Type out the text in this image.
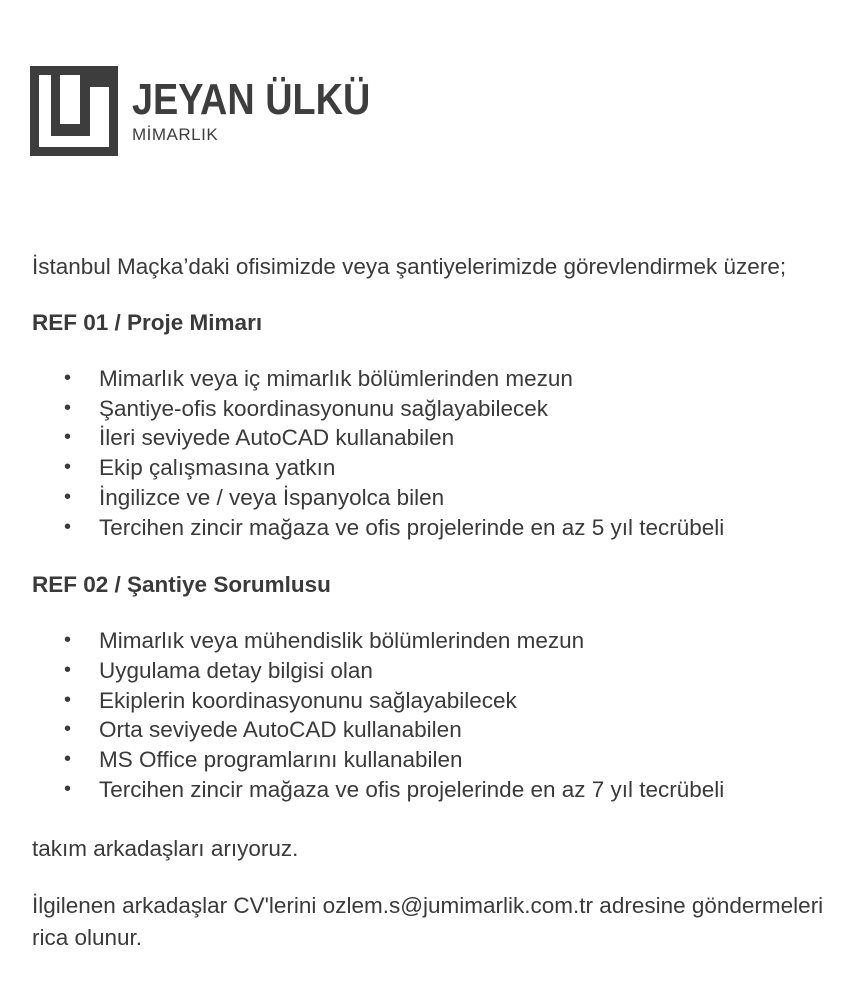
JEYAN ÜLKÜ
MİMARLIK

İstanbul Maçka’daki ofisimizde veya şantiyelerimizde görevlendirmek üzere;

REF 01 / Proje Mimarı

• Mimarlık veya iç mimarlık bölümlerinden mezun
• Şantiye-ofis koordinasyonunu sağlayabilecek
• İleri seviyede AutoCAD kullanabilen
• Ekip çalışmasına yatkın
• İngilizce ve / veya İspanyolca bilen
• Tercihen zincir mağaza ve ofis projelerinde en az 5 yıl tecrübeli

REF 02 / Şantiye Sorumlusu

• Mimarlık veya mühendislik bölümlerinden mezun
• Uygulama detay bilgisi olan
• Ekiplerin koordinasyonunu sağlayabilecek
• Orta seviyede AutoCAD kullanabilen
• MS Office programlarını kullanabilen
• Tercihen zincir mağaza ve ofis projelerinde en az 7 yıl tecrübeli

takım arkadaşları arıyoruz.

İlgilenen arkadaşlar CV'lerini ozlem.s@jumimarlik.com.tr adresine göndermeleri rica olunur.
